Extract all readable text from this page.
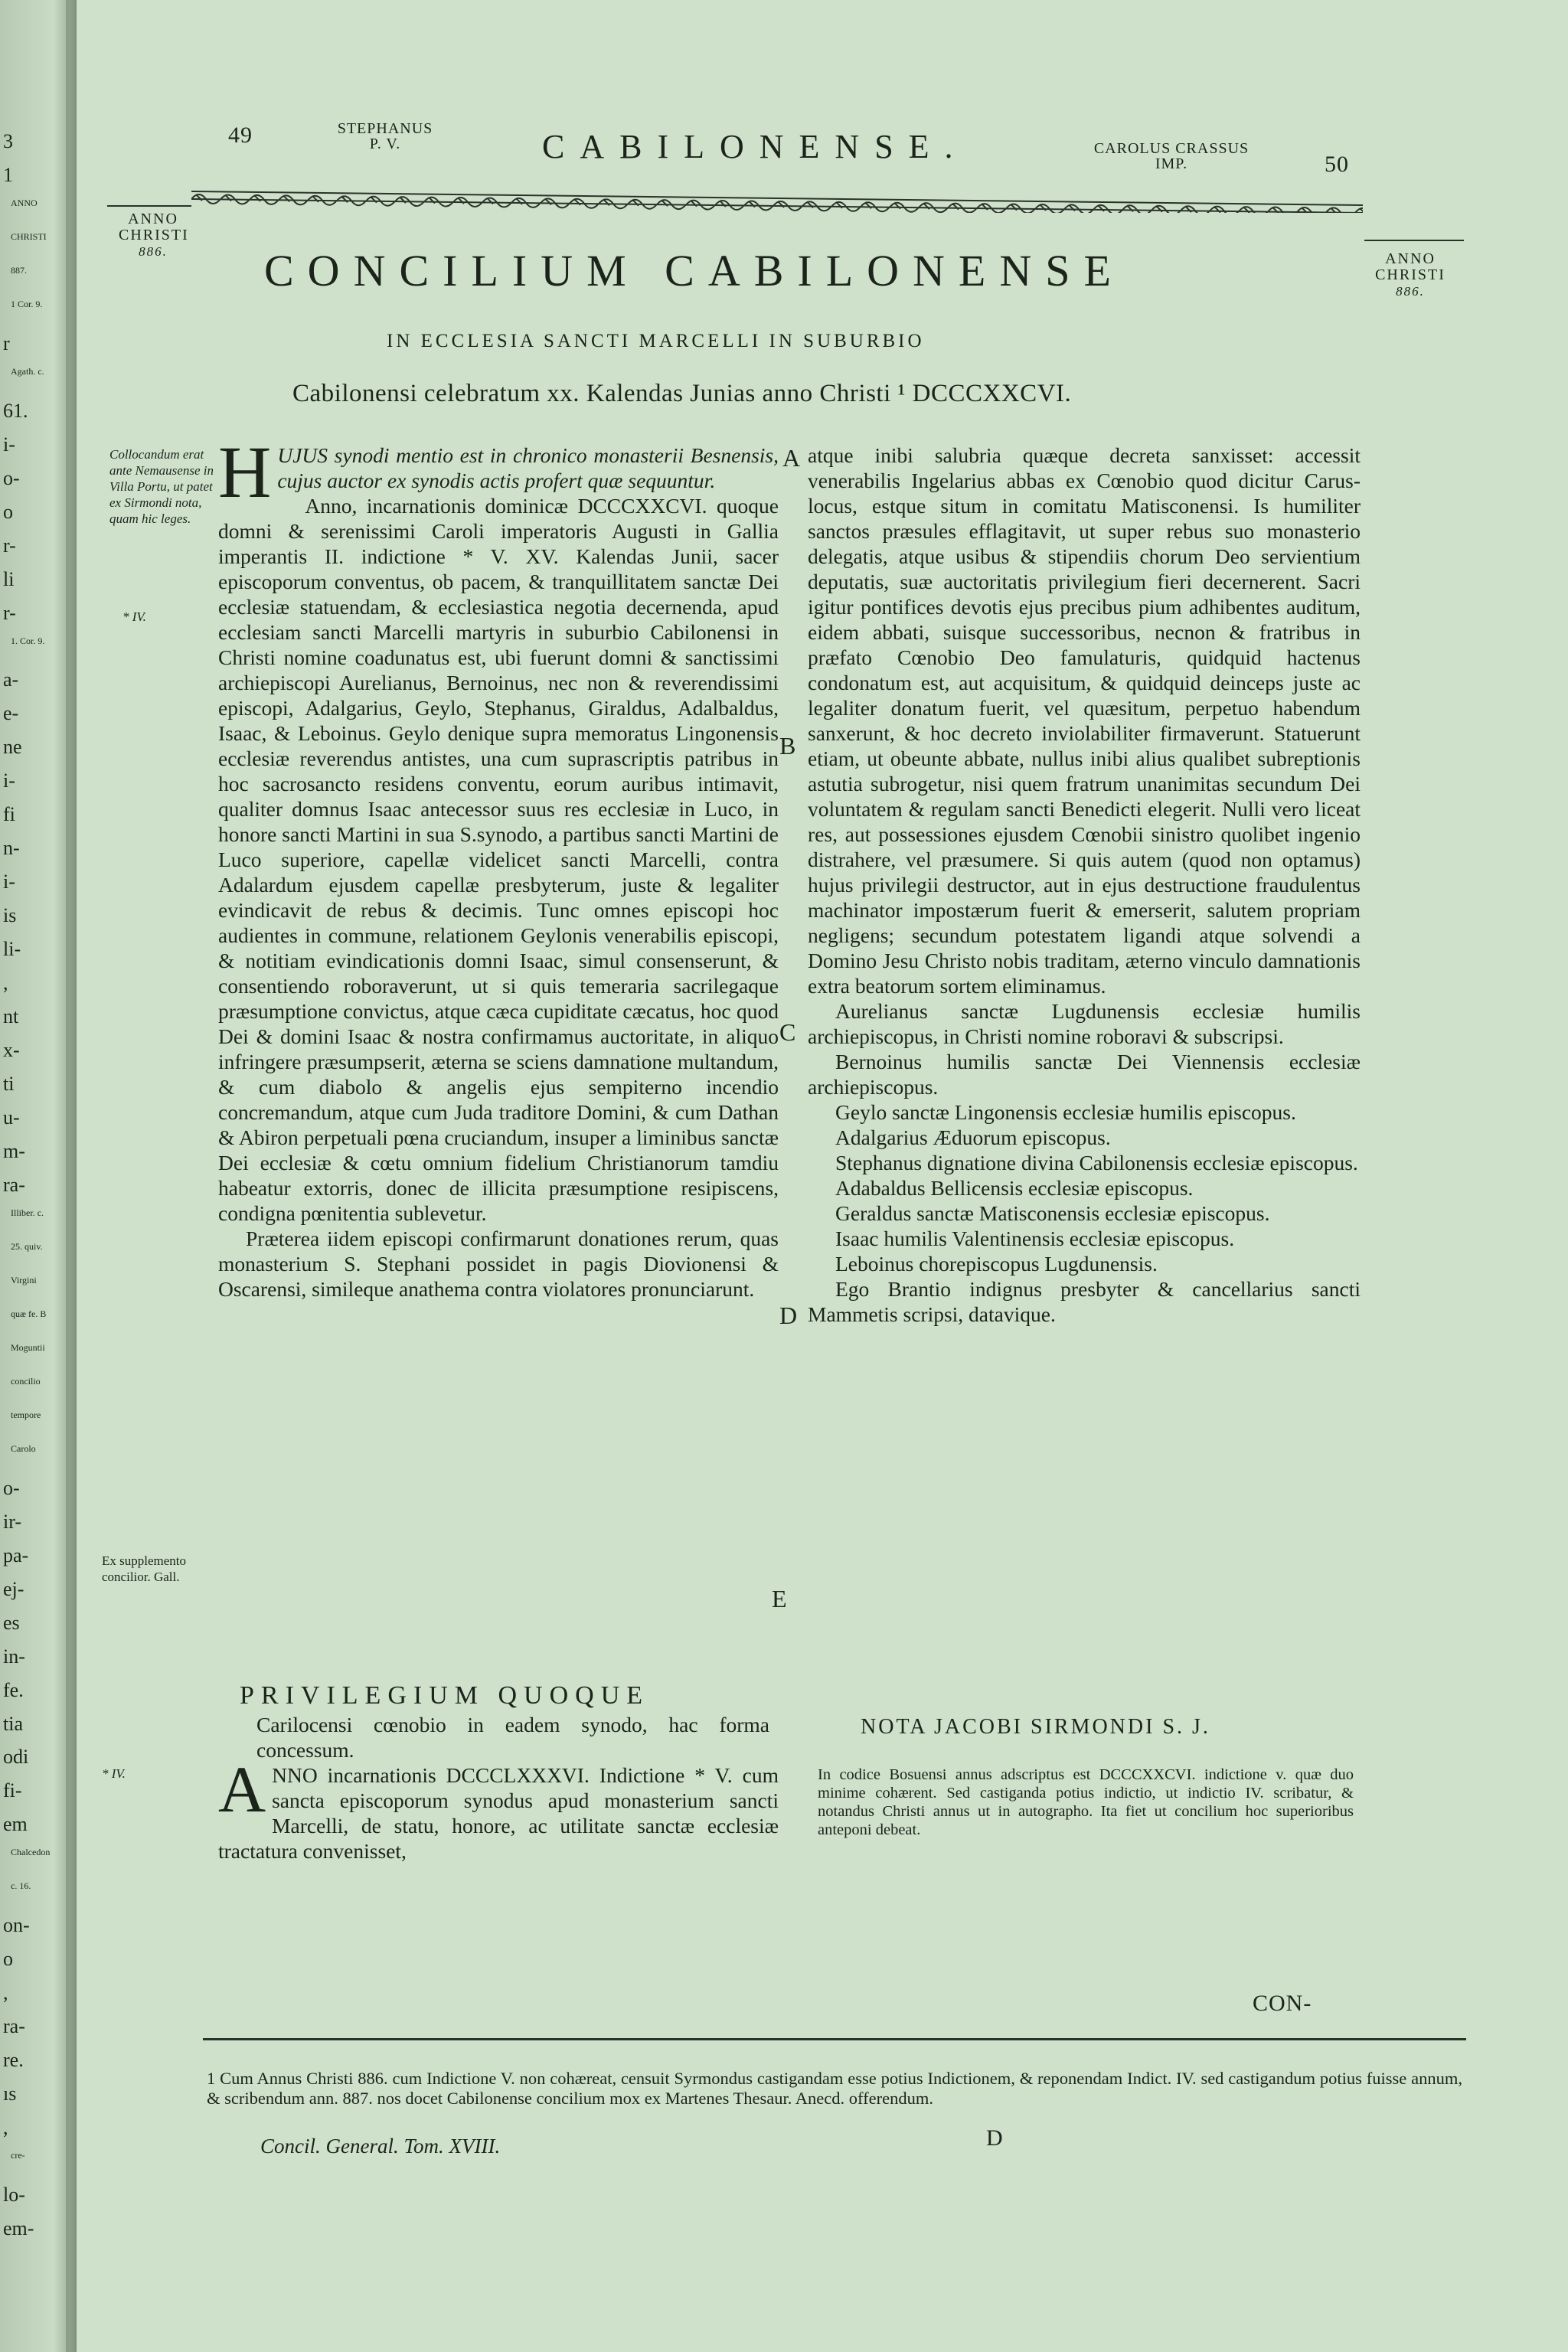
3
1
ANNO
CHRISTI
887.
1 Cor. 9.
r
Agath. c.
61.
i-
o-
o
r-
li
r-
1. Cor. 9.
a-
e-
ne
i-
fi
n-
i-
is
li-
,
nt
x-
ti
u-
m-
ra-
Illiber. c.
25. quiv.
Virgini
quæ fe. B
Moguntii
concilio
tempore
Carolo
o-
ir-
pa-
ej-
es
in-
fe.
tia
odi
fi-
em
Chalcedon
c. 16.
on-
o
,
ra-
re.
ıs
,
cre-
lo-
em-
49	STEPHANUS
P. V.	CABILONENSE.	CAROLUS CRASSUS
IMP.	50
ANNO
CHRISTI
886.	ANNO
CHRISTI
886.
CONCILIUM CABILONENSE
IN ECCLESIA SANCTI MARCELLI IN SUBURBIO
Cabilonensi celebratum xx. Kalendas Junias anno Christi ¹ DCCCXXCVI.
Collocandum erat ante Nemausense in Villa Portu, ut patet ex Sirmondi nota, quam hic leges.
* IV.
Ex supplemento concilior. Gall.
* IV.
A
B
C
D
E

HUJUS synodi mentio est in chronico monasterii Besnensis, cujus auctor ex synodis actis profert quæ sequuntur.

Anno, incarnationis dominicæ DCCCXXCVI. quoque domni & serenissimi Caroli imperatoris Augusti in Gallia imperantis II. indictione * V. XV. Kalendas Junii, sacer episcoporum conventus, ob pacem, & tranquillitatem sanctæ Dei ecclesiæ statuendam, & ecclesiastica negotia decernenda, apud ecclesiam sancti Marcelli martyris in suburbio Cabilonensi in Christi nomine coadunatus est, ubi fuerunt domni & sanctissimi archiepiscopi Aurelianus, Bernoinus, nec non & reverendissimi episcopi, Adalgarius, Geylo, Stephanus, Giraldus, Adalbaldus, Isaac, & Leboinus. Geylo denique supra memoratus Lingonensis ecclesiæ reverendus antistes, una cum suprascriptis patribus in hoc sacrosancto residens conventu, eorum auribus intimavit, qualiter domnus Isaac antecessor suus res ecclesiæ in Luco, in honore sancti Martini in sua S.synodo, a partibus sancti Martini de Luco superiore, capellæ videlicet sancti Marcelli, contra Adalardum ejusdem capellæ presbyterum, juste & legaliter evindicavit de rebus & decimis. Tunc omnes episcopi hoc audientes in commune, relationem Geylonis venerabilis episcopi, & notitiam evindicationis domni Isaac, simul consenserunt, & consentiendo roboraverunt, ut si quis temeraria sacrilegaque præsumptione convictus, atque cæca cupiditate cæcatus, hoc quod Dei & domini Isaac & nostra confirmamus auctoritate, in aliquo infringere præsumpserit, æterna se sciens damnatione multandum, & cum diabolo & angelis ejus sempiterno incendio concremandum, atque cum Juda traditore Domini, & cum Dathan & Abiron perpetuali pœna cruciandum, insuper a liminibus sanctæ Dei ecclesiæ & cœtu omnium fidelium Christianorum tamdiu habeatur extorris, donec de illicita præsumptione resipiscens, condigna pœnitentia sublevetur.

Præterea iidem episcopi confirmarunt donationes rerum, quas monasterium S. Stephani possidet in pagis Diovionensi & Oscarensi, simileque anathema contra violatores pronunciarunt.

PRIVILEGIUM QUOQUE
Carilocensi cœnobio in eadem synodo, hac forma concessum.

ANNO incarnationis DCCCLXXXVI. Indictione * V. cum sancta episcoporum synodus apud monasterium sancti Marcelli, de statu, honore, ac utilitate sanctæ ecclesiæ tractatura convenisset,

atque inibi salubria quæque decreta sanxisset: accessit venerabilis Ingelarius abbas ex Cœnobio quod dicitur Carus-locus, estque situm in comitatu Matisconensi. Is humiliter sanctos præsules efflagitavit, ut super rebus suo monasterio delegatis, atque usibus & stipendiis chorum Deo servientium deputatis, suæ auctoritatis privilegium fieri decernerent. Sacri igitur pontifices devotis ejus precibus pium adhibentes auditum, eidem abbati, suisque successoribus, necnon & fratribus in præfato Cœnobio Deo famulaturis, quidquid hactenus condonatum est, aut acquisitum, & quidquid deinceps juste ac legaliter donatum fuerit, vel quæsitum, perpetuo habendum sanxerunt, & hoc decreto inviolabiliter firmaverunt. Statuerunt etiam, ut obeunte abbate, nullus inibi alius qualibet subreptionis astutia subrogetur, nisi quem fratrum unanimitas secundum Dei voluntatem & regulam sancti Benedicti elegerit. Nulli vero liceat res, aut possessiones ejusdem Cœnobii sinistro quolibet ingenio distrahere, vel præsumere. Si quis autem (quod non optamus) hujus privilegii destructor, aut in ejus destructione fraudulentus machinator impostærum fuerit & emerserit, salutem propriam negligens; secundum potestatem ligandi atque solvendi a Domino Jesu Christo nobis traditam, æterno vinculo damnationis extra beatorum sortem eliminamus.

Aurelianus sanctæ Lugdunensis ecclesiæ humilis archiepiscopus, in Christi nomine roboravi & subscripsi.

Bernoinus humilis sanctæ Dei Viennensis ecclesiæ archiepiscopus.

Geylo sanctæ Lingonensis ecclesiæ humilis episcopus.

Adalgarius Æduorum episcopus.

Stephanus dignatione divina Cabilonensis ecclesiæ episcopus.

Adabaldus Bellicensis ecclesiæ episcopus.

Geraldus sanctæ Matisconensis ecclesiæ episcopus.

Isaac humilis Valentinensis ecclesiæ episcopus.

Leboinus chorepiscopus Lugdunensis.

Ego Brantio indignus presbyter & cancellarius sancti Mammetis scripsi, datavique.

NOTA JACOBI SIRMONDI S. J.
In codice Bosuensi annus adscriptus est DCCCXXCVI. indictione v. quæ duo minime cohærent. Sed castiganda potius indictio, ut indictio IV. scribatur, & notandus Christi annus ut in autographo. Ita fiet ut concilium hoc superioribus anteponi debeat.
CON-
1 Cum Annus Christi 886. cum Indictione V. non cohæreat, censuit Syrmondus castigandam esse potius Indictionem, & reponendam Indict. IV. sed castigandum potius fuisse annum, & scribendum ann. 887. nos docet Cabilonense concilium mox ex Martenes Thesaur. Anecd. offerendum.
Concil. General. Tom. XVIII.	D
